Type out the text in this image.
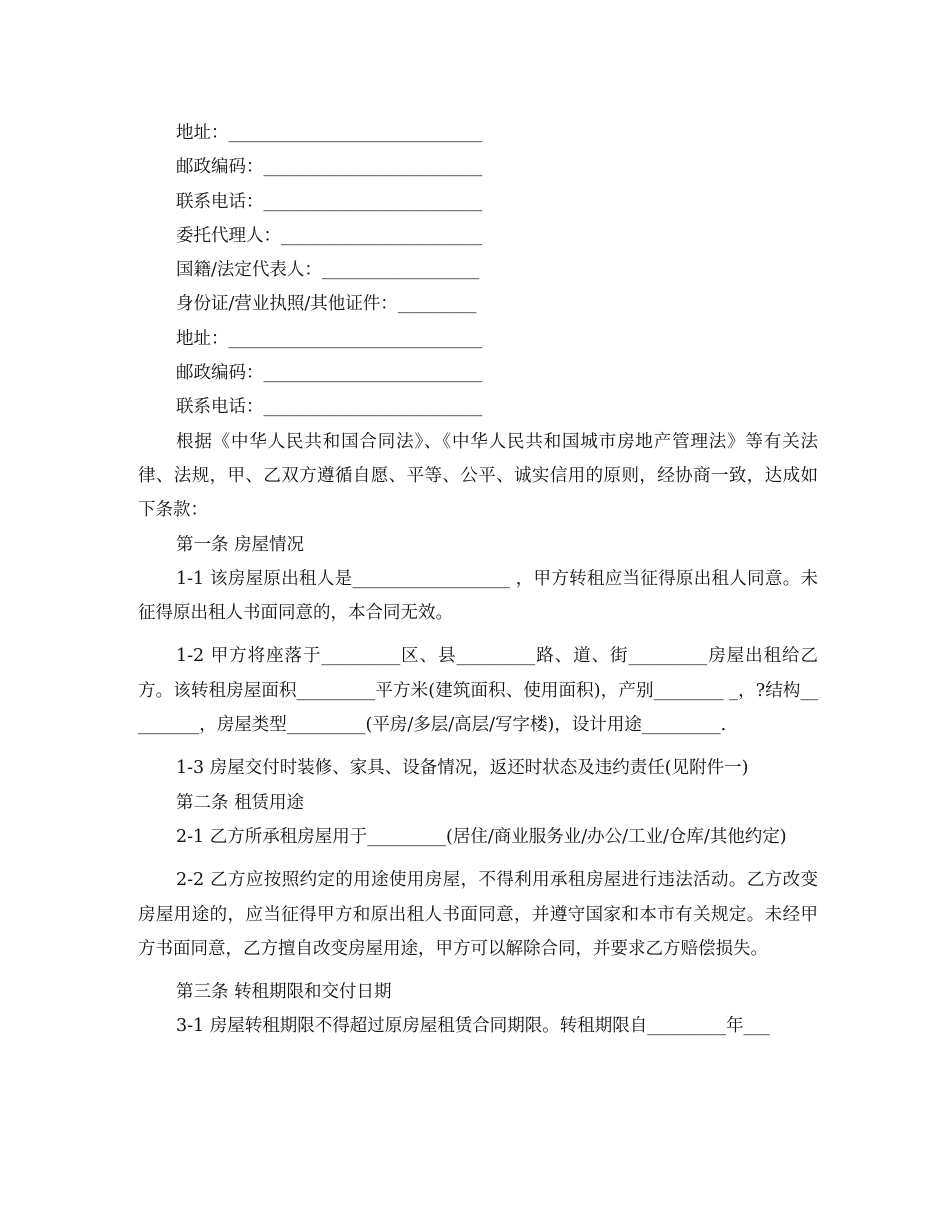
地址：_____________________________

邮政编码：_________________________

联系电话：_________________________

委托代理人：_______________________

国籍/法定代表人：__________________

身份证/营业执照/其他证件：_________

地址：_____________________________

邮政编码：_________________________

联系电话：_________________________

根据《中华人民共和国合同法》、《中华人民共和国城市房地产管理法》等有关法律、法规，甲、乙双方遵循自愿、平等、公平、诚实信用的原则，经协商一致，达成如下条款：

第一条 房屋情况

1-1 该房屋原出租人是__________________ ，甲方转租应当征得原出租人同意。未征得原出租人书面同意的，本合同无效。

1-2 甲方将座落于_________区、县_________路、道、街_________房屋出租给乙方。该转租房屋面积_________平方米(建筑面积、使用面积)，产别________ _，?结构_________，房屋类型_________(平房/多层/高层/写字楼)，设计用途_________.

1-3 房屋交付时装修、家具、设备情况，返还时状态及违约责任(见附件一)

第二条 租赁用途

2-1 乙方所承租房屋用于_________(居住/商业服务业/办公/工业/仓库/其他约定)

2-2 乙方应按照约定的用途使用房屋，不得利用承租房屋进行违法活动。乙方改变房屋用途的，应当征得甲方和原出租人书面同意，并遵守国家和本市有关规定。未经甲方书面同意，乙方擅自改变房屋用途，甲方可以解除合同，并要求乙方赔偿损失。

第三条 转租期限和交付日期

3-1 房屋转租期限不得超过原房屋租赁合同期限。转租期限自_________年___
